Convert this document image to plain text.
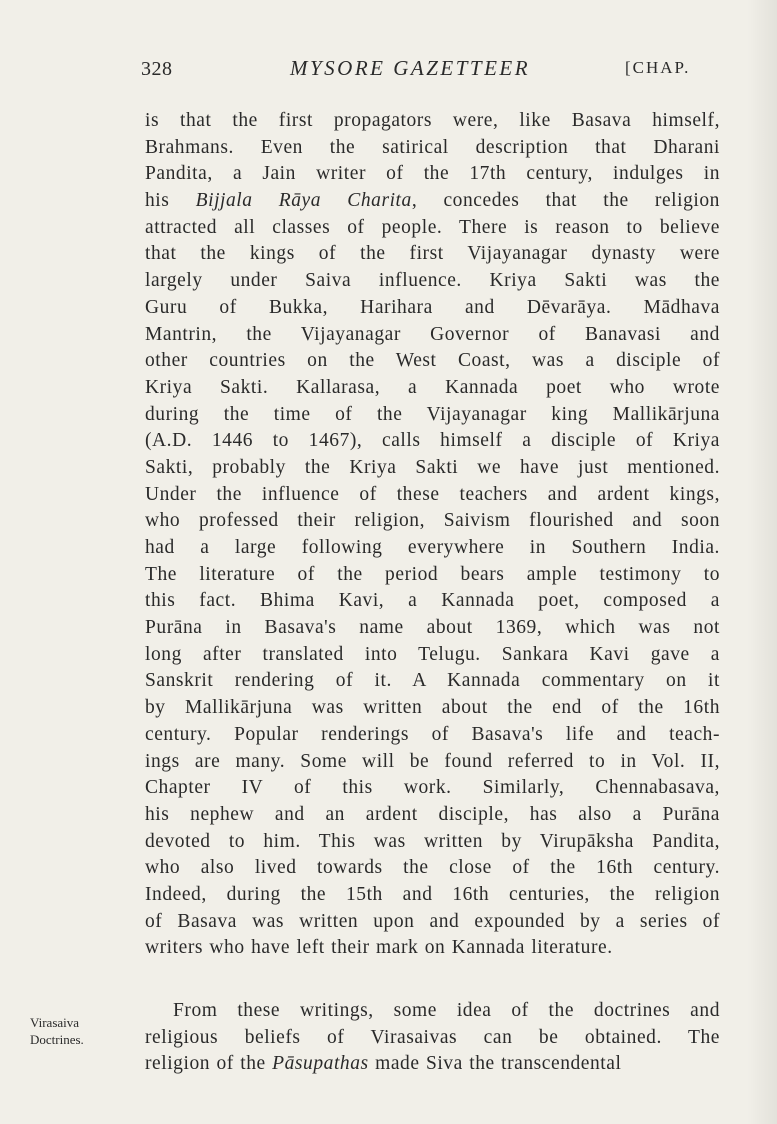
328	MYSORE GAZETTEER	[CHAP.
is that the first propagators were, like Basava himself,
Brahmans. Even the satirical description that Dharani
Pandita, a Jain writer of the 17th century, indulges in
his Bijjala Rāya Charita, concedes that the religion
attracted all classes of people. There is reason to believe
that the kings of the first Vijayanagar dynasty were
largely under Saiva influence. Kriya Sakti was the
Guru of Bukka, Harihara and Dēvarāya. Mādhava
Mantrin, the Vijayanagar Governor of Banavasi and
other countries on the West Coast, was a disciple of
Kriya Sakti. Kallarasa, a Kannada poet who wrote
during the time of the Vijayanagar king Mallikārjuna
(A.D. 1446 to 1467), calls himself a disciple of Kriya
Sakti, probably the Kriya Sakti we have just mentioned.
Under the influence of these teachers and ardent kings,
who professed their religion, Saivism flourished and soon
had a large following everywhere in Southern India.
The literature of the period bears ample testimony to
this fact. Bhima Kavi, a Kannada poet, composed a
Purāna in Basava's name about 1369, which was not
long after translated into Telugu. Sankara Kavi gave a
Sanskrit rendering of it. A Kannada commentary on it
by Mallikārjuna was written about the end of the 16th
century. Popular renderings of Basava's life and teach-
ings are many. Some will be found referred to in Vol. II,
Chapter IV of this work. Similarly, Chennabasava,
his nephew and an ardent disciple, has also a Purāna
devoted to him. This was written by Virupāksha Pandita,
who also lived towards the close of the 16th century.
Indeed, during the 15th and 16th centuries, the religion
of Basava was written upon and expounded by a series of
writers who have left their mark on Kannada literature.
Virasaiva
Doctrines.
From these writings, some idea of the doctrines and
religious beliefs of Virasaivas can be obtained. The
religion of the Pāsupathas made Siva the transcendental
